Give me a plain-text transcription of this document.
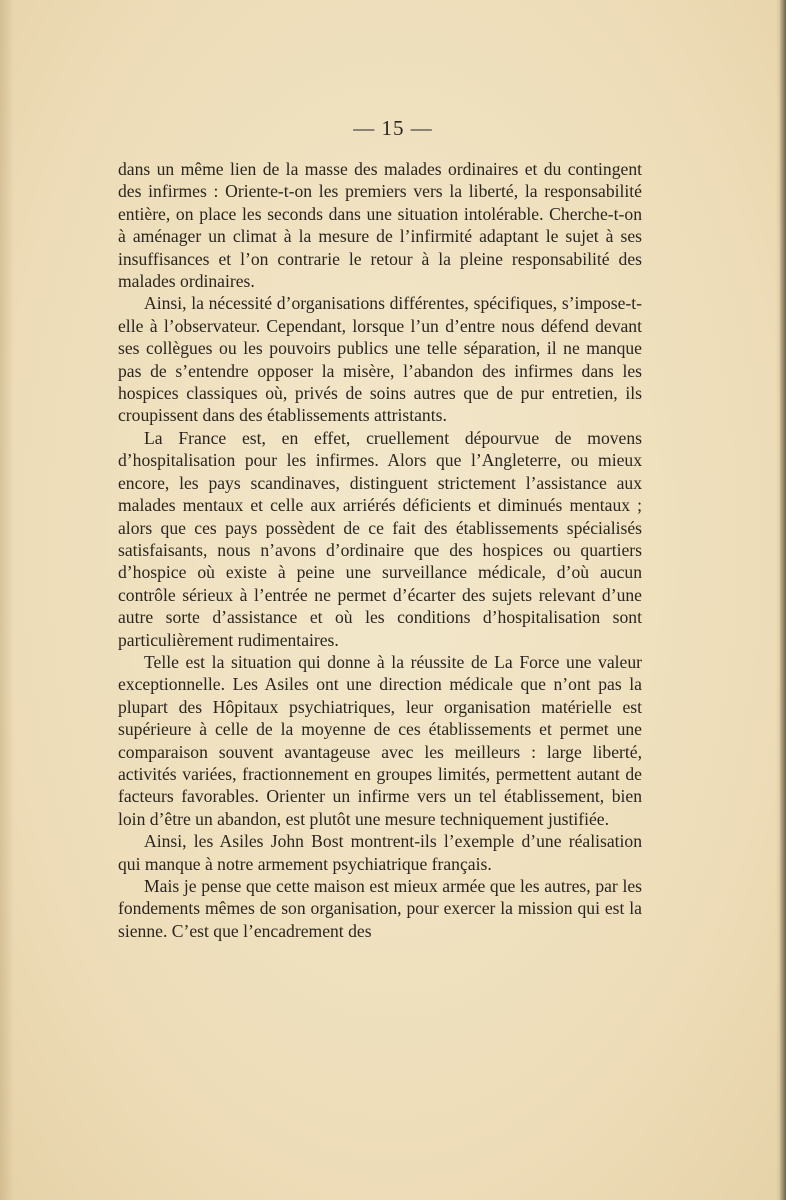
— 15 —

dans un même lien de la masse des malades ordinaires et du contingent des infirmes : Oriente-t-on les premiers vers la liberté, la responsabilité entière, on place les seconds dans une situation intolérable. Cherche-t-on à aménager un climat à la mesure de l’infirmité adaptant le sujet à ses insuffisances et l’on contrarie le retour à la pleine responsabilité des malades ordinaires.

Ainsi, la nécessité d’organisations différentes, spécifiques, s’impose-t-elle à l’observateur. Cependant, lorsque l’un d’entre nous défend devant ses collègues ou les pouvoirs publics une telle séparation, il ne manque pas de s’entendre opposer la misère, l’abandon des infirmes dans les hospices classiques où, privés de soins autres que de pur entretien, ils croupissent dans des établissements attristants.

La France est, en effet, cruellement dépourvue de movens d’hospitalisation pour les infirmes. Alors que l’Angleterre, ou mieux encore, les pays scandinaves, distinguent strictement l’assistance aux malades mentaux et celle aux arriérés déficients et diminués mentaux ; alors que ces pays possèdent de ce fait des établissements spécialisés satisfaisants, nous n’avons d’ordinaire que des hospices ou quartiers d’hospice où existe à peine une surveillance médicale, d’où aucun contrôle sérieux à l’entrée ne permet d’écarter des sujets relevant d’une autre sorte d’assistance et où les conditions d’hospitalisation sont particulièrement rudimentaires.

Telle est la situation qui donne à la réussite de La Force une valeur exceptionnelle. Les Asiles ont une direction médicale que n’ont pas la plupart des Hôpitaux psychiatriques, leur organisation matérielle est supérieure à celle de la moyenne de ces établissements et permet une comparaison souvent avantageuse avec les meilleurs : large liberté, activités variées, fractionnement en groupes limités, permettent autant de facteurs favorables. Orienter un infirme vers un tel établissement, bien loin d’être un abandon, est plutôt une mesure techniquement justifiée.

Ainsi, les Asiles John Bost montrent-ils l’exemple d’une réalisation qui manque à notre armement psychiatrique français.

Mais je pense que cette maison est mieux armée que les autres, par les fondements mêmes de son organisation, pour exercer la mission qui est la sienne. C’est que l’encadrement des
